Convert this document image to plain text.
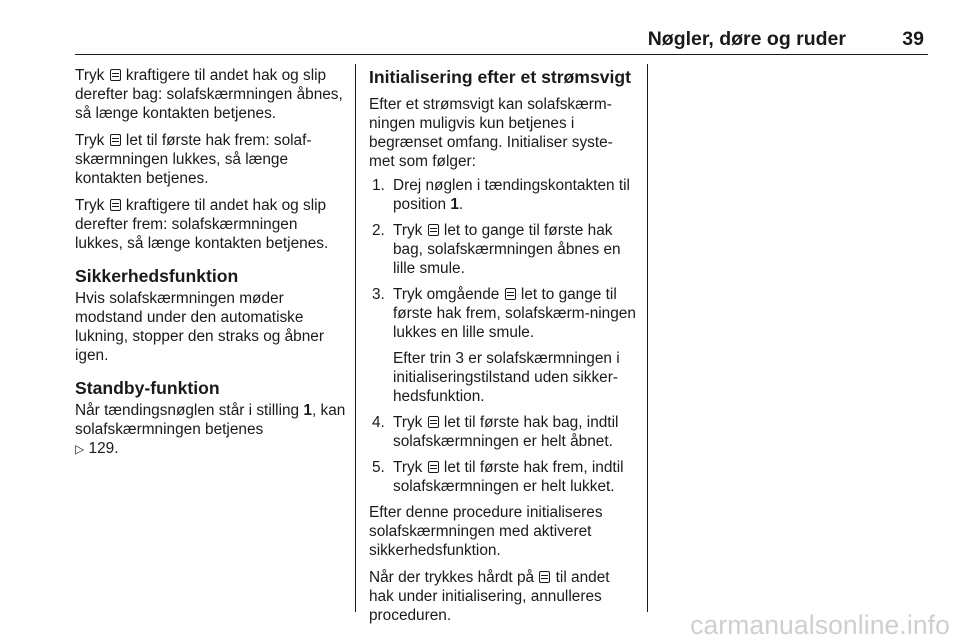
Nøgler, døre og ruder	39

Tryk kraftigere til andet hak og slip derefter bag: solafskærmningen åbnes, så længe kontakten betjenes.

Tryk let til første hak frem: solaf-skærmningen lukkes, så længe kontakten betjenes.

Tryk kraftigere til andet hak og slip derefter frem: solafskærmningen lukkes, så længe kontakten betjenes.

Sikkerhedsfunktion

Hvis solafskærmningen møder modstand under den automatiske lukning, stopper den straks og åbner igen.

Standby-funktion

Når tændingsnøglen står i stilling 1, kan solafskærmningen betjenes
▷ 129.

Initialisering efter et strømsvigt

Efter et strømsvigt kan solafskærm-ningen muligvis kun betjenes i begrænset omfang. Initialiser syste-met som følger:

1. Drej nøglen i tændingskontakten til position 1.
2. Tryk let to gange til første hak bag, solafskærmningen åbnes en lille smule.
3. Tryk omgående let to gange til første hak frem, solafskærm-ningen lukkes en lille smule.
Efter trin 3 er solafskærmningen i initialiseringstilstand uden sikker-hedsfunktion.
4. Tryk let til første hak bag, indtil solafskærmningen er helt åbnet.
5. Tryk let til første hak frem, indtil solafskærmningen er helt lukket.

Efter denne procedure initialiseres solafskærmningen med aktiveret sikkerhedsfunktion.

Når der trykkes hårdt på til andet hak under initialisering, annulleres proceduren.	carmanualsonline.info
